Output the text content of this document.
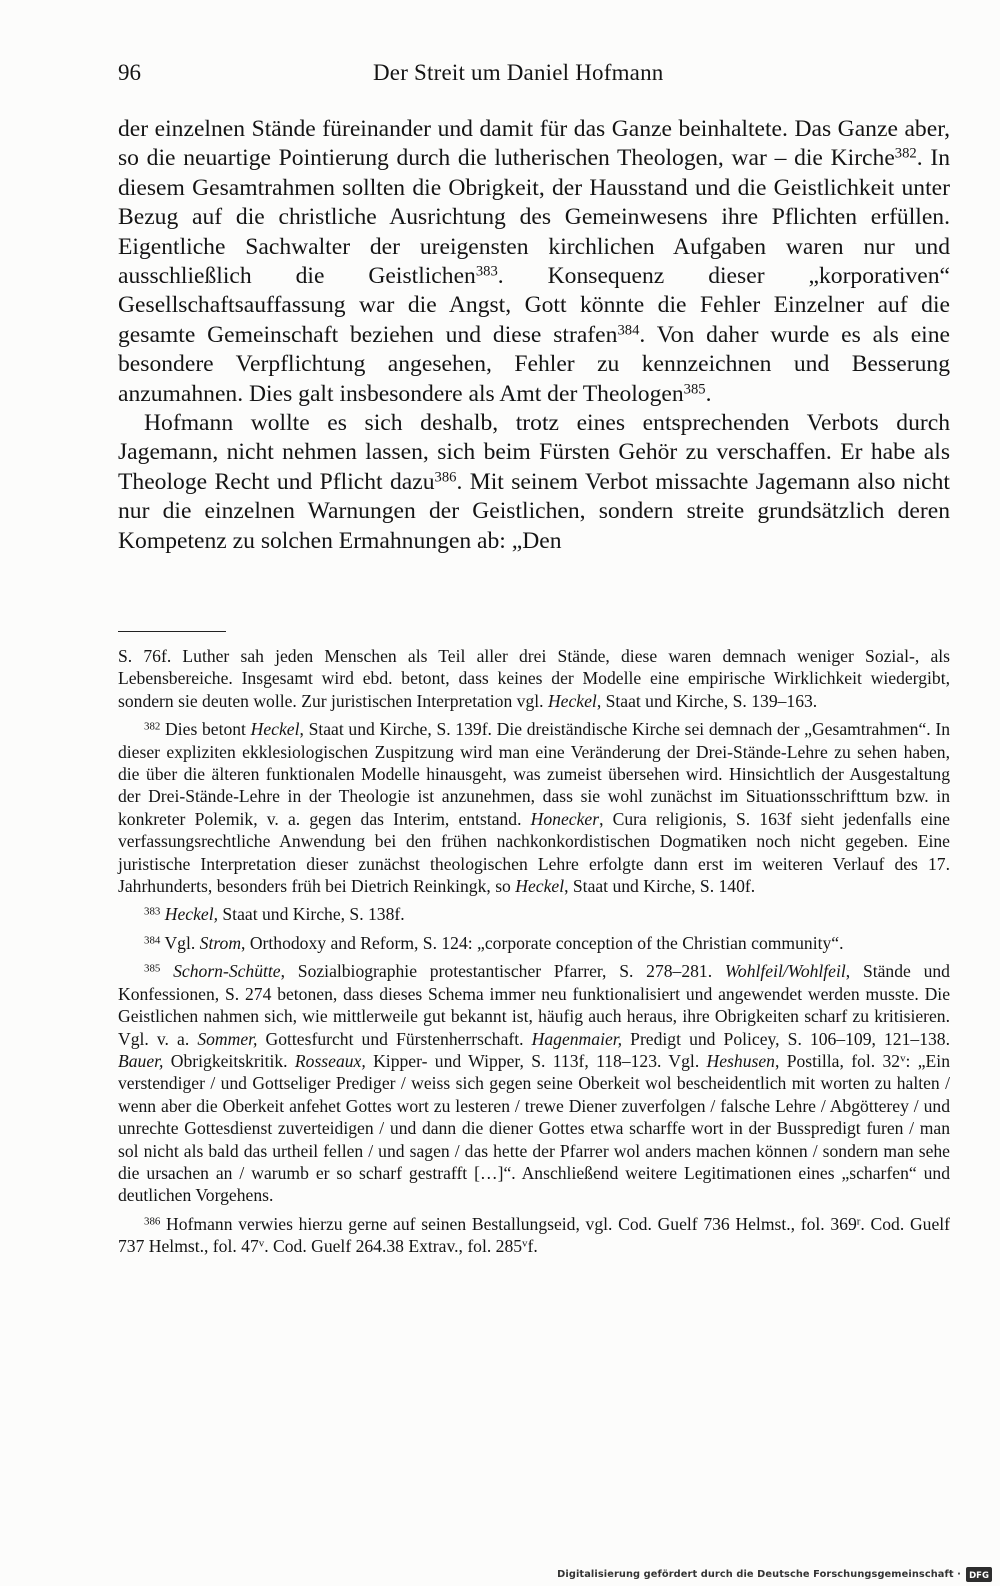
96	Der Streit um Daniel Hofmann

der einzelnen Stände füreinander und damit für das Ganze beinhaltete. Das Ganze aber, so die neuartige Pointierung durch die lutherischen Theologen, war – die Kirche$^{382}$. In diesem Gesamtrahmen sollten die Obrigkeit, der Hausstand und die Geistlichkeit unter Bezug auf die christliche Ausrichtung des Gemeinwesens ihre Pflichten erfüllen. Eigentliche Sachwalter der ureigensten kirchlichen Aufgaben waren nur und ausschließlich die Geistlichen$^{383}$. Konsequenz dieser „korporativen“ Gesellschaftsauffassung war die Angst, Gott könnte die Fehler Einzelner auf die gesamte Gemeinschaft beziehen und diese strafen$^{384}$. Von daher wurde es als eine besondere Verpflichtung angesehen, Fehler zu kennzeichnen und Besserung anzumahnen. Dies galt insbesondere als Amt der Theologen$^{385}$.

Hofmann wollte es sich deshalb, trotz eines entsprechenden Verbots durch Jagemann, nicht nehmen lassen, sich beim Fürsten Gehör zu verschaffen. Er habe als Theologe Recht und Pflicht dazu$^{386}$. Mit seinem Verbot missachte Jagemann also nicht nur die einzelnen Warnungen der Geistlichen, sondern streite grundsätzlich deren Kompetenz zu solchen Ermahnungen ab: „Den

S. 76f. Luther sah jeden Menschen als Teil aller drei Stände, diese waren demnach weniger Sozial-, als Lebensbereiche. Insgesamt wird ebd. betont, dass keines der Modelle eine empirische Wirklichkeit wiedergibt, sondern sie deuten wolle. Zur juristischen Interpretation vgl. Heckel, Staat und Kirche, S. 139–163.

$^{382}$ Dies betont Heckel, Staat und Kirche, S. 139f. Die dreiständische Kirche sei demnach der „Gesamtrahmen“. In dieser expliziten ekklesiologischen Zuspitzung wird man eine Veränderung der Drei-Stände-Lehre zu sehen haben, die über die älteren funktionalen Modelle hinausgeht, was zumeist übersehen wird. Hinsichtlich der Ausgestaltung der Drei-Stände-Lehre in der Theologie ist anzunehmen, dass sie wohl zunächst im Situationsschrifttum bzw. in konkreter Polemik, v. a. gegen das Interim, entstand. Honecker, Cura religionis, S. 163f sieht jedenfalls eine verfassungsrechtliche Anwendung bei den frühen nachkonkordistischen Dogmatiken noch nicht gegeben. Eine juristische Interpretation dieser zunächst theologischen Lehre erfolgte dann erst im weiteren Verlauf des 17. Jahrhunderts, besonders früh bei Dietrich Reinkingk, so Heckel, Staat und Kirche, S. 140f.

$^{383}$ Heckel, Staat und Kirche, S. 138f.

$^{384}$ Vgl. Strom, Orthodoxy and Reform, S. 124: „corporate conception of the Christian community“.

$^{385}$ Schorn-Schütte, Sozialbiographie protestantischer Pfarrer, S. 278–281. Wohlfeil/Wohlfeil, Stände und Konfessionen, S. 274 betonen, dass dieses Schema immer neu funktionalisiert und angewendet werden musste. Die Geistlichen nahmen sich, wie mittlerweile gut bekannt ist, häufig auch heraus, ihre Obrigkeiten scharf zu kritisieren. Vgl. v. a. Sommer, Gottesfurcht und Fürstenherrschaft. Hagenmaier, Predigt und Policey, S. 106–109, 121–138. Bauer, Obrigkeitskritik. Rosseaux, Kipper- und Wipper, S. 113f, 118–123. Vgl. Heshusen, Postilla, fol. 32$^v$: „Ein verstendiger / und Gottseliger Prediger / weiss sich gegen seine Oberkeit wol bescheidentlich mit worten zu halten / wenn aber die Oberkeit anfehet Gottes wort zu lesteren / trewe Diener zuverfolgen / falsche Lehre / Abgötterey / und unrechte Gottesdienst zuverteidigen / und dann die diener Gottes etwa scharffe wort in der Busspredigt furen / man sol nicht als bald das urtheil fellen / und sagen / das hette der Pfarrer wol anders machen können / sondern man sehe die ursachen an / warumb er so scharf gestrafft […]“. Anschließend weitere Legitimationen eines „scharfen“ und deutlichen Vorgehens.

$^{386}$ Hofmann verwies hierzu gerne auf seinen Bestallungseid, vgl. Cod. Guelf 736 Helmst., fol. 369$^r$. Cod. Guelf 737 Helmst., fol. 47$^v$. Cod. Guelf 264.38 Extrav., fol. 285$^v$f.

Digitalisierung gefördert durch die Deutsche Forschungsgemeinschaft · DFG
